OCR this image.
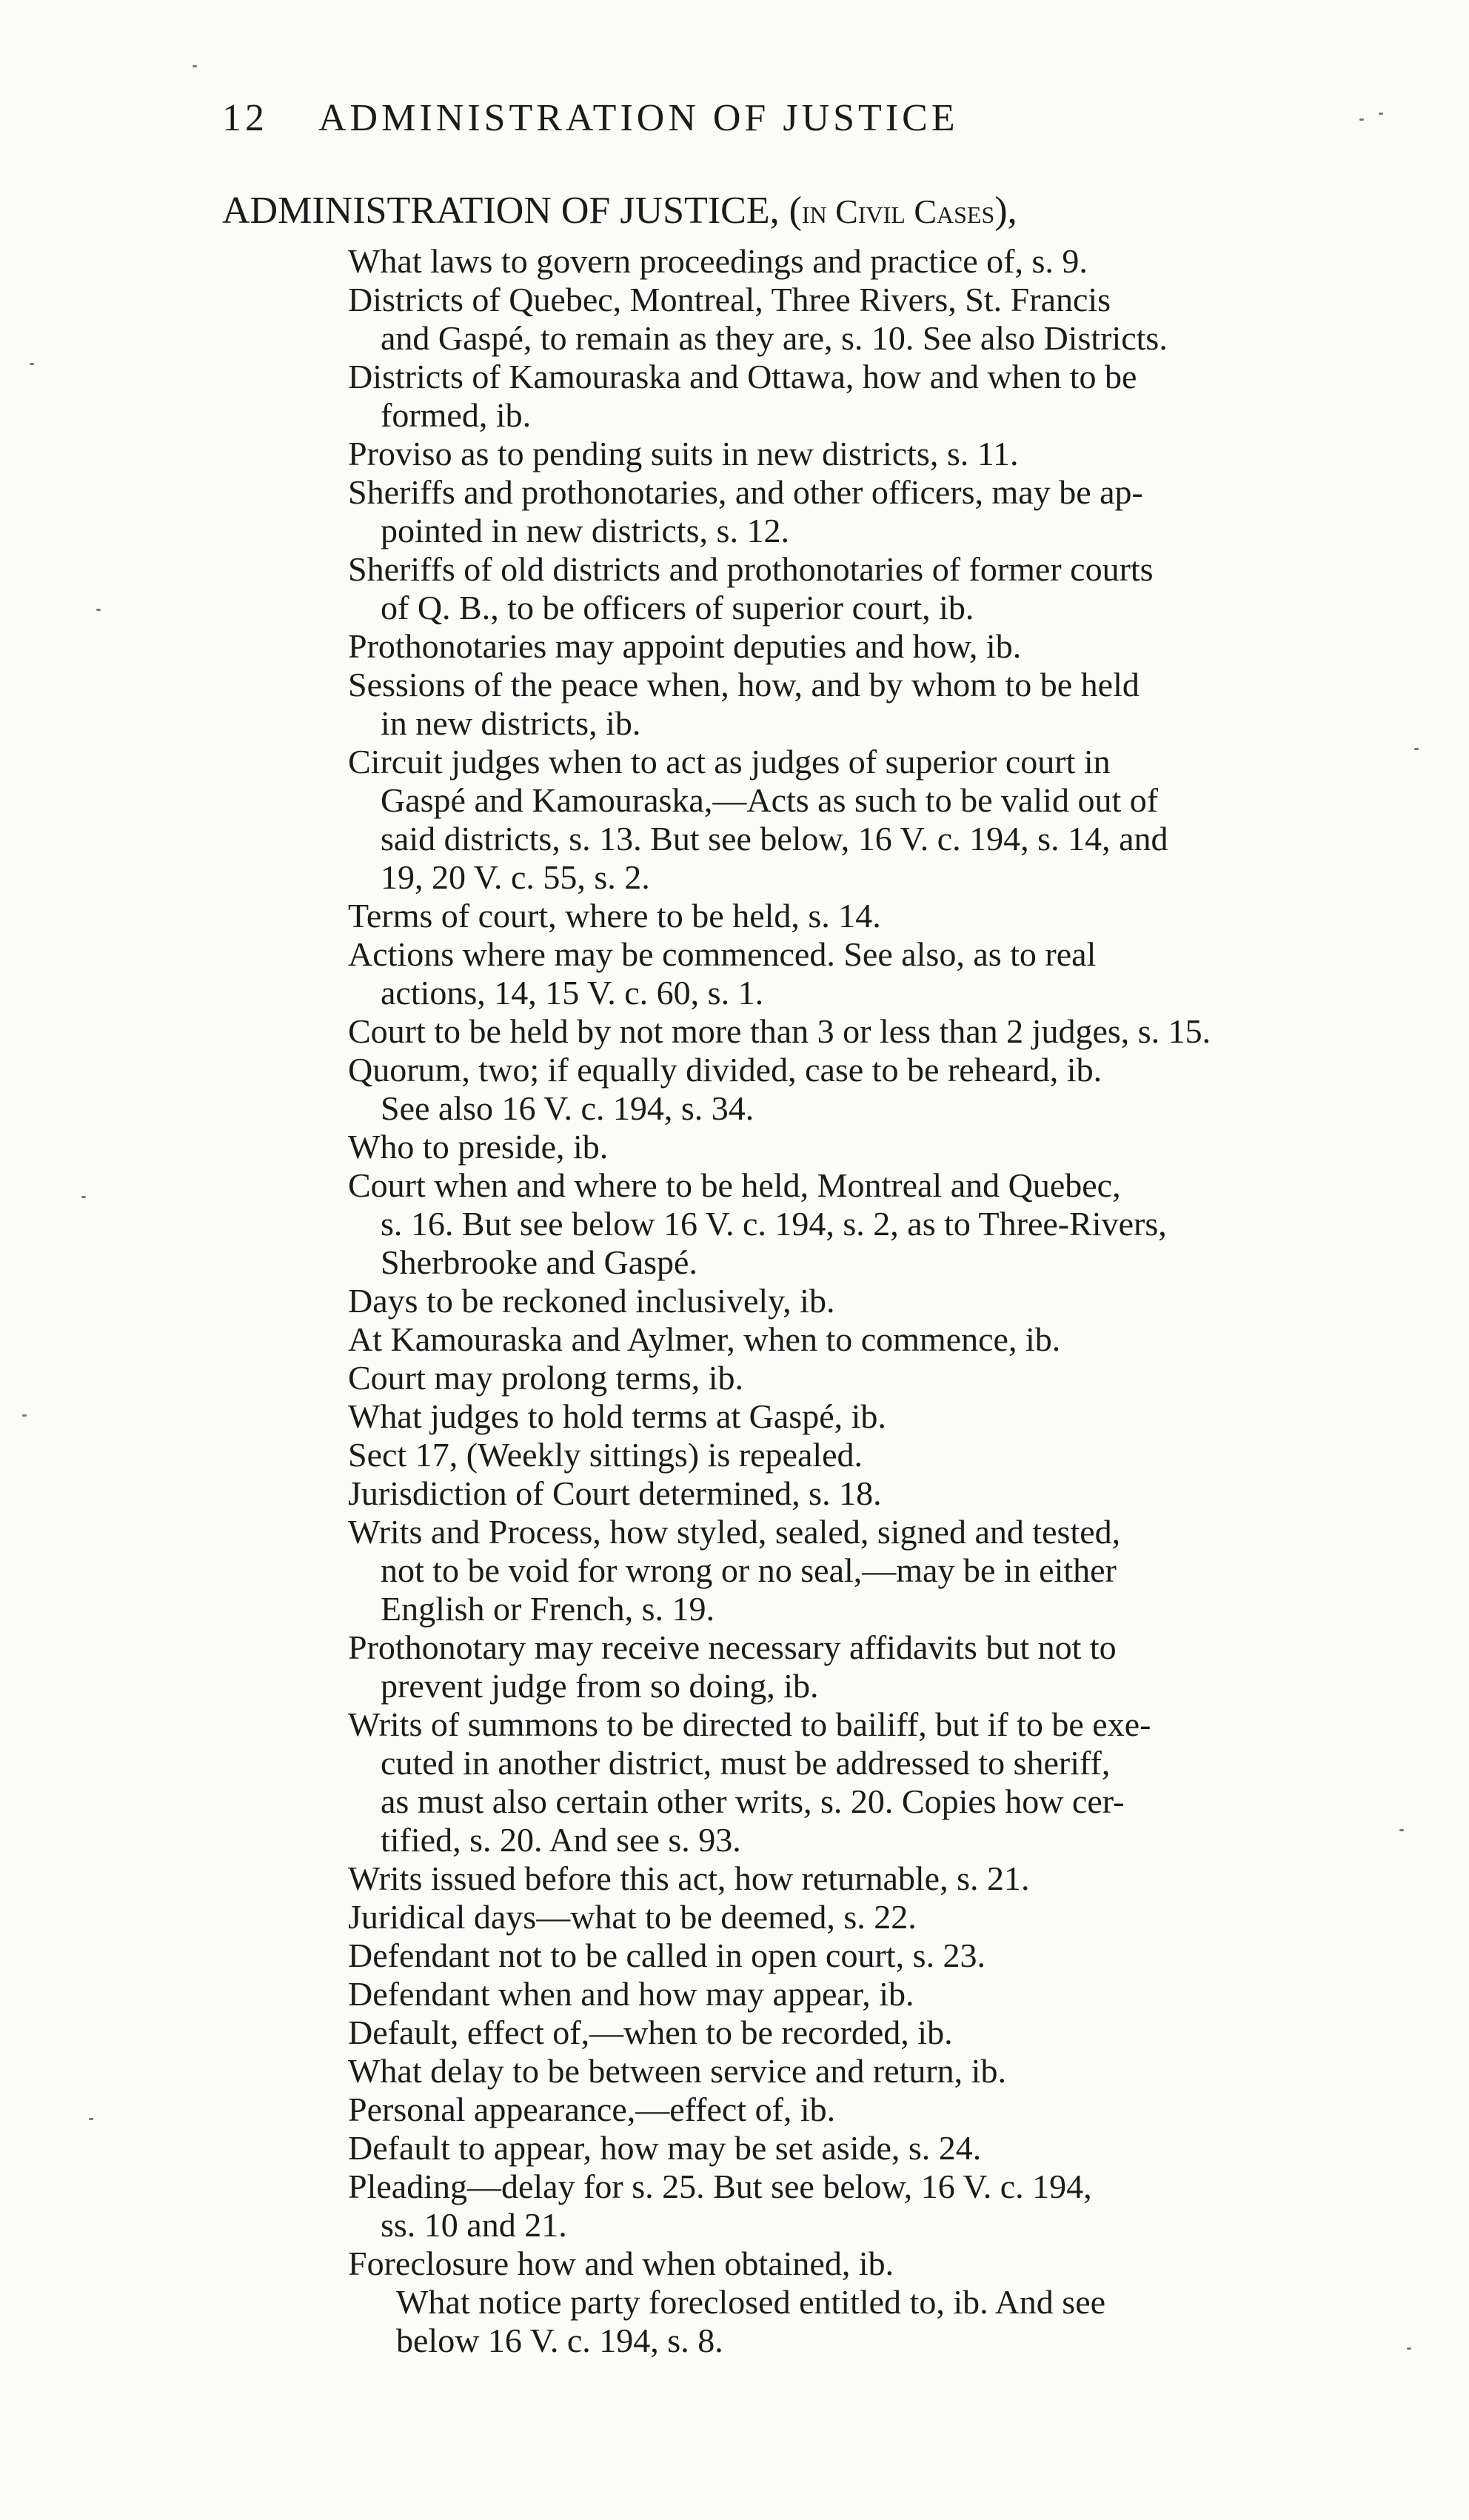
12 ADMINISTRATION OF JUSTICE
ADMINISTRATION OF JUSTICE, (in Civil Cases),
What laws to govern proceedings and practice of, s. 9.
Districts of Quebec, Montreal, Three Rivers, St. Francis
and Gaspé, to remain as they are, s. 10. See also Districts.
Districts of Kamouraska and Ottawa, how and when to be
formed, ib.
Proviso as to pending suits in new districts, s. 11.
Sheriffs and prothonotaries, and other officers, may be ap-
pointed in new districts, s. 12.
Sheriffs of old districts and prothonotaries of former courts
of Q. B., to be officers of superior court, ib.
Prothonotaries may appoint deputies and how, ib.
Sessions of the peace when, how, and by whom to be held
in new districts, ib.
Circuit judges when to act as judges of superior court in
Gaspé and Kamouraska,—Acts as such to be valid out of
said districts, s. 13. But see below, 16 V. c. 194, s. 14, and
19, 20 V. c. 55, s. 2.
Terms of court, where to be held, s. 14.
Actions where may be commenced. See also, as to real
actions, 14, 15 V. c. 60, s. 1.
Court to be held by not more than 3 or less than 2 judges, s. 15.
Quorum, two; if equally divided, case to be reheard, ib.
See also 16 V. c. 194, s. 34.
Who to preside, ib.
Court when and where to be held, Montreal and Quebec,
s. 16. But see below 16 V. c. 194, s. 2, as to Three-Rivers,
Sherbrooke and Gaspé.
Days to be reckoned inclusively, ib.
At Kamouraska and Aylmer, when to commence, ib.
Court may prolong terms, ib.
What judges to hold terms at Gaspé, ib.
Sect 17, (Weekly sittings) is repealed.
Jurisdiction of Court determined, s. 18.
Writs and Process, how styled, sealed, signed and tested,
not to be void for wrong or no seal,—may be in either
English or French, s. 19.
Prothonotary may receive necessary affidavits but not to
prevent judge from so doing, ib.
Writs of summons to be directed to bailiff, but if to be exe-
cuted in another district, must be addressed to sheriff,
as must also certain other writs, s. 20. Copies how cer-
tified, s. 20. And see s. 93.
Writs issued before this act, how returnable, s. 21.
Juridical days—what to be deemed, s. 22.
Defendant not to be called in open court, s. 23.
Defendant when and how may appear, ib.
Default, effect of,—when to be recorded, ib.
What delay to be between service and return, ib.
Personal appearance,—effect of, ib.
Default to appear, how may be set aside, s. 24.
Pleading—delay for s. 25. But see below, 16 V. c. 194,
ss. 10 and 21.
Foreclosure how and when obtained, ib.
What notice party foreclosed entitled to, ib. And see
below 16 V. c. 194, s. 8.
